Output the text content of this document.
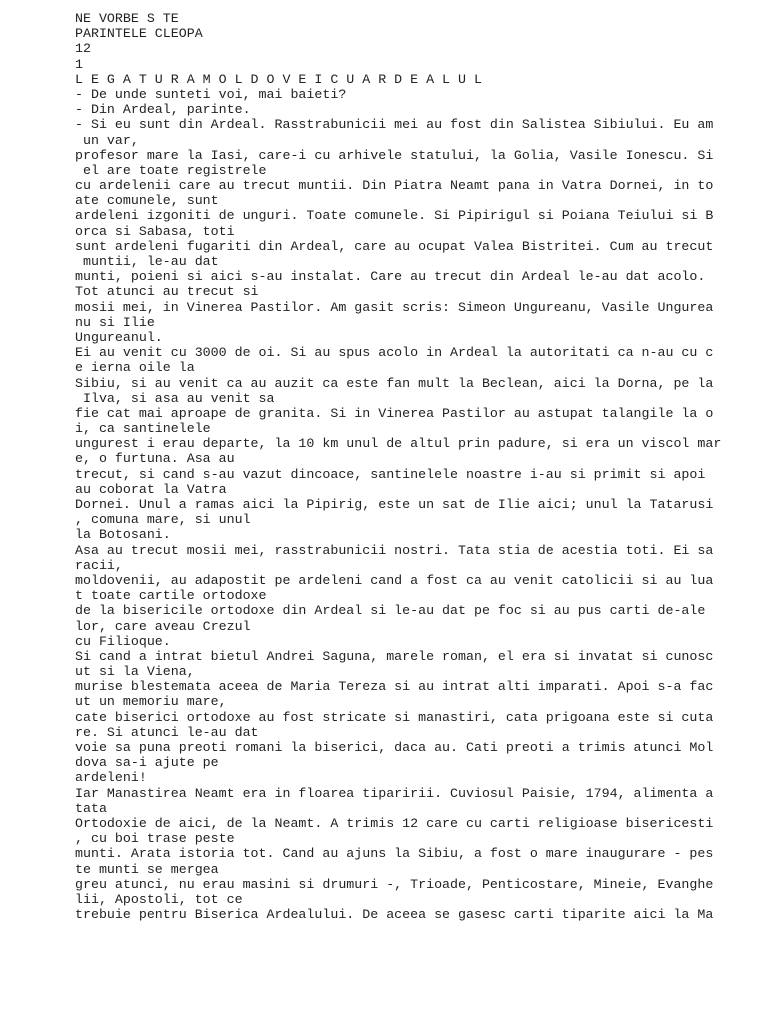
NE VORBE S TE
PARINTELE CLEOPA
12
1
L E G A T U R A M O L D O V E I C U A R D E A L U L
- De unde sunteti voi, mai baieti?
- Din Ardeal, parinte.
- Si eu sunt din Ardeal. Rasstrabunicii mei au fost din Salistea Sibiului. Eu am
un var,
profesor mare la Iasi, care-i cu arhivele statului, la Golia, Vasile Ionescu. Si
el are toate registrele
cu ardelenii care au trecut muntii. Din Piatra Neamt pana in Vatra Dornei, in to
ate comunele, sunt
ardeleni izgoniti de unguri. Toate comunele. Si Pipirigul si Poiana Teiului si B
orca si Sabasa, toti
sunt ardeleni fugariti din Ardeal, care au ocupat Valea Bistritei. Cum au trecut
muntii, le-au dat
munti, poieni si aici s-au instalat. Care au trecut din Ardeal le-au dat acolo.
Tot atunci au trecut si
mosii mei, in Vinerea Pastilor. Am gasit scris: Simeon Ungureanu, Vasile Ungurea
nu si Ilie
Ungureanul.
Ei au venit cu 3000 de oi. Si au spus acolo in Ardeal la autoritati ca n-au cu c
e ierna oile la
Sibiu, si au venit ca au auzit ca este fan mult la Beclean, aici la Dorna, pe la
Ilva, si asa au venit sa
fie cat mai aproape de granita. Si in Vinerea Pastilor au astupat talangile la o
i, ca santinelele
ungurest i erau departe, la 10 km unul de altul prin padure, si era un viscol mar
e, o furtuna. Asa au
trecut, si cand s-au vazut dincoace, santinelele noastre i-au si primit si apoi
au coborat la Vatra
Dornei. Unul a ramas aici la Pipirig, este un sat de Ilie aici; unul la Tatarusi
, comuna mare, si unul
la Botosani.
Asa au trecut mosii mei, rasstrabunicii nostri. Tata stia de acestia toti. Ei sa
racii,
moldovenii, au adapostit pe ardeleni cand a fost ca au venit catolicii si au lua
t toate cartile ortodoxe
de la bisericile ortodoxe din Ardeal si le-au dat pe foc si au pus carti de-ale
lor, care aveau Crezul
cu Filioque.
Si cand a intrat bietul Andrei Saguna, marele roman, el era si invatat si cunosc
ut si la Viena,
murise blestemata aceea de Maria Tereza si au intrat alti imparati. Apoi s-a fac
ut un memoriu mare,
cate biserici ortodoxe au fost stricate si manastiri, cata prigoana este si cuta
re. Si atunci le-au dat
voie sa puna preoti romani la biserici, daca au. Cati preoti a trimis atunci Mol
dova sa-i ajute pe
ardeleni!
Iar Manastirea Neamt era in floarea tiparirii. Cuviosul Paisie, 1794, alimenta a
tata
Ortodoxie de aici, de la Neamt. A trimis 12 care cu carti religioase bisericesti
, cu boi trase peste
munti. Arata istoria tot. Cand au ajuns la Sibiu, a fost o mare inaugurare - pes
te munti se mergea
greu atunci, nu erau masini si drumuri -, Trioade, Penticostare, Mineie, Evanghe
lii, Apostoli, tot ce
trebuie pentru Biserica Ardealului. De aceea se gasesc carti tiparite aici la Ma
